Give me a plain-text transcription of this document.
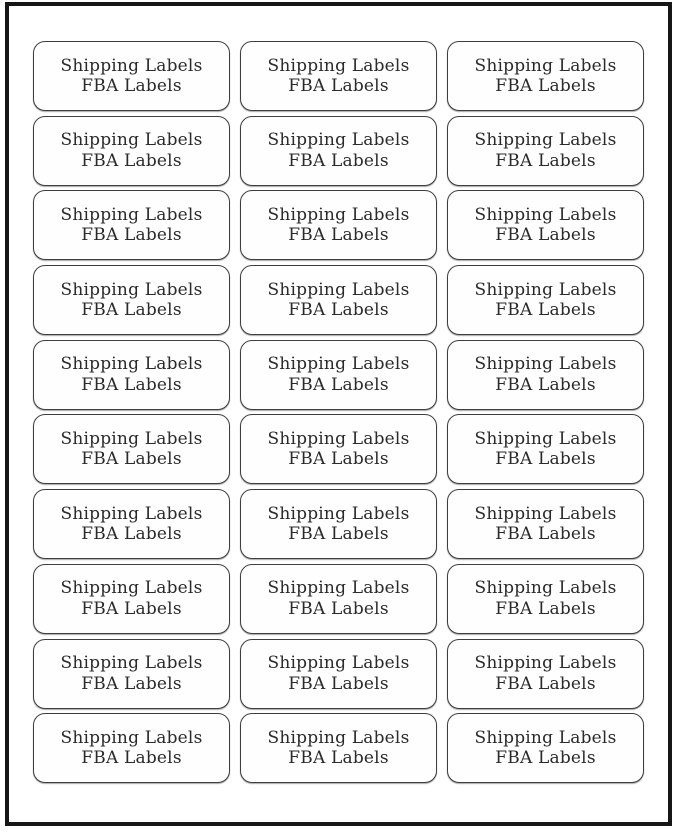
Shipping Labels
FBA Labels
Shipping Labels
FBA Labels
Shipping Labels
FBA Labels
Shipping Labels
FBA Labels
Shipping Labels
FBA Labels
Shipping Labels
FBA Labels
Shipping Labels
FBA Labels
Shipping Labels
FBA Labels
Shipping Labels
FBA Labels
Shipping Labels
FBA Labels
Shipping Labels
FBA Labels
Shipping Labels
FBA Labels
Shipping Labels
FBA Labels
Shipping Labels
FBA Labels
Shipping Labels
FBA Labels
Shipping Labels
FBA Labels
Shipping Labels
FBA Labels
Shipping Labels
FBA Labels
Shipping Labels
FBA Labels
Shipping Labels
FBA Labels
Shipping Labels
FBA Labels
Shipping Labels
FBA Labels
Shipping Labels
FBA Labels
Shipping Labels
FBA Labels
Shipping Labels
FBA Labels
Shipping Labels
FBA Labels
Shipping Labels
FBA Labels
Shipping Labels
FBA Labels
Shipping Labels
FBA Labels
Shipping Labels
FBA Labels
